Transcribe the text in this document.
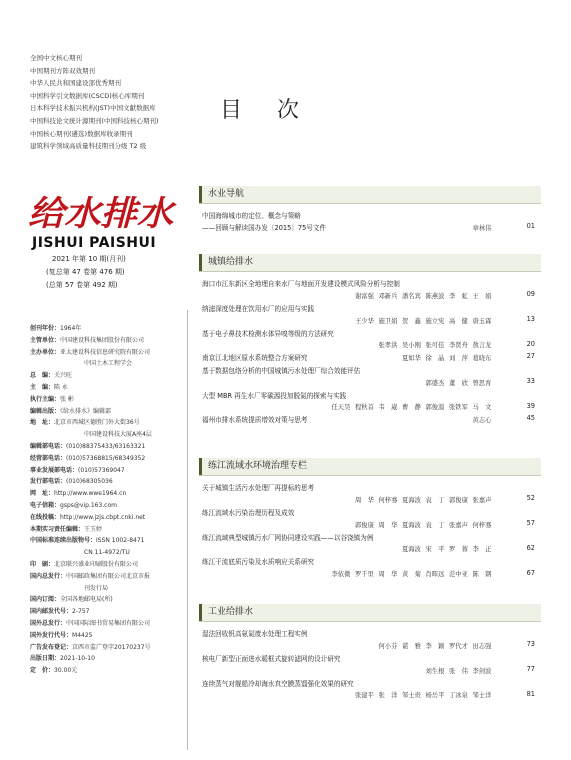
全国中文核心期刊
中国期刊方阵双效期刊
中华人民共和国建设部优秀期刊
中国科学引文数据库(CSCD)核心库期刊
日本科学技术振兴机构(JST)中国文献数据库
中国科技论文统计源期刊(中国科技核心期刊)
中国核心期刊(遴选)数据库收录期刊
建筑科学领域高质量科技期刊分级 T2 级
目 次
给水排水
JISHUI PAISHUI
2021 年第 10 期(月刊)
(复总第 47 卷第 476 期)
(总第 57 卷第 492 期)
创刊年份：1964年
主管单位：中国建设科技集团股份有限公司
主办单位：亚太建设科技信息研究院有限公司
中国土木工程学会
总　编：关兴旺
主　编：陈 永
执行主编：张 彬
编辑出版：《给水排水》编辑部
地　址：北京市西城区德胜门外大街36号
中国建设科技大厦A座4层
编辑部电话：(010)88375433/63163321
经营部电话：(010)57368815/68349352
事业发展部电话：(010)57369047
发行部电话：(010)68305036
网　址：http://www.wwe1964.cn
电子信箱：gsps@vip.163.com
在线投稿：http://www.jzjs.cbpt.cnki.net
本期实习责任编辑：王玉婷
中国标准连续出版物号：ISSN 1002-8471
CN 11-4972/TU
印　刷：北京联兴盛业印刷股份有限公司
国内总发行：中国邮政集团有限公司北京市报
刊发行局
国内订阅：全国各地邮电局(所)
国内邮发代号：2-757
国外总发行：中国国际图书贸易集团有限公司
国外发行代号：M4425
广告发布登记：京西市监广登字20170237号
出版日期：2021-10-10
定　价：30.00元
水业导航
中国海绵城市的定位、概念与策略
——回顾与解读国办发〔2015〕75号文件	章林伟	01
城镇给排水
海口市江东新区全地埋自来水厂与地面开发建设模式风险分析与控制
谢富强 邓新兵 潘名宾 陈燕波 李　虹 王　娟	09
纳滤深度处理在饮用水厂的应用与实践
王少华 施卫娟 贺　鑫 施立宪 高　健 唐玉霖	13
基于电子鼻技术检测水体异嗅等级的方法研究
张孝洪 吴小刚 张可佳 李贤舟 敖言龙	20
南京江北地区原水系统整合方案研究	夏如华 徐　晶 刘　萍 葛晓东	27
基于数据包络分析的中国城镇污水处理厂综合效能评估
郭盛杰 董　欣 曾思育	33
大型 MBR 再生水厂零碳源投加脱氮的探索与实践
任天昊 程秋首 韦　崴 曹　静 郭俊温 张铁军 马　文	39
福州市排水系统提质增效对策与思考	黄志心	45
练江流域水环境治理专栏
关于城镇生活污水处理厂再提标的思考
周　华 何梓骞 夏海波 袁　丁 郭俊康 张嘉声	52
练江流域水污染治理历程及成效
郭俊康 周　华 夏海波 袁　丁 张嘉声 何梓骞	57
练江流域典型城镇污水厂网协同建设实践——以谷饶镇为例
夏海波 宋　平 罗　蓉 李　正	62
练江干流底质污染及水质响应关系研究
李依微 罗千里 周　华 黄　菊 肖晖远 范中亚 陈　钢	67
工业给排水
湿法回收钒高氨氮废水处理工程实例
何小芬 谌　雅 李　颖 罗代才 田志强	73
核电厂新型正面进水暖框式旋转滤网的设计研究
刘生根 张　伟 李剑波	77
连续蒸气对舰船冷却海水真空膜蒸馏强化效果的研究
张建平 张　洋 邹士贵 杨岳平 丁冰泉 邹士洋	81
